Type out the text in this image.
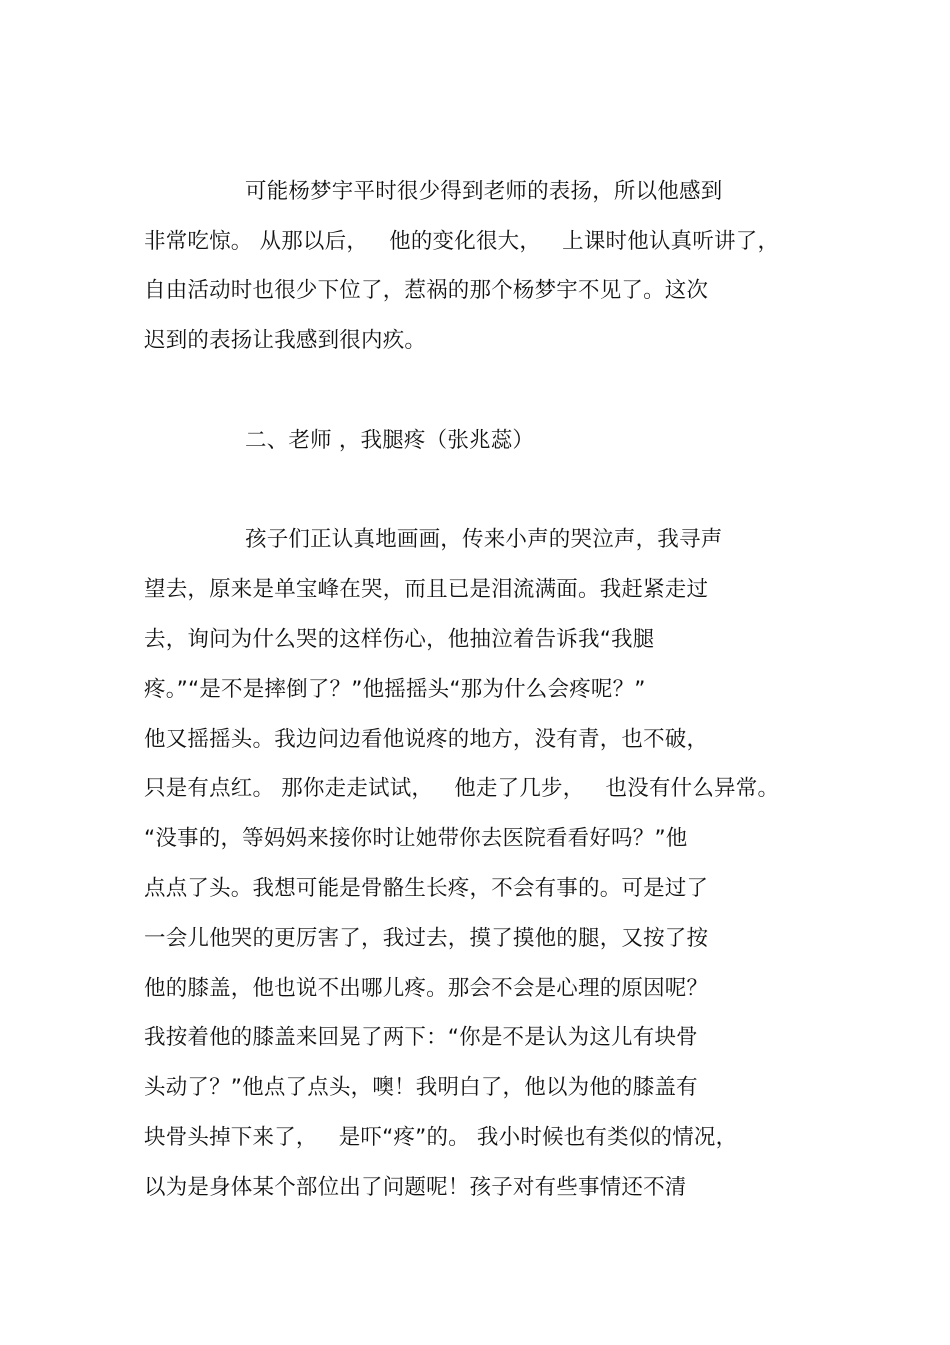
可能杨梦宇平时很少得到老师的表扬，所以他感到
非常吃惊。 从那以后，   他的变化很大，   上课时他认真听讲了，
自由活动时也很少下位了，惹祸的那个杨梦宇不见了。这次
迟到的表扬让我感到很内疚。
二、老师 ，我腿疼（张兆蕊）
孩子们正认真地画画，传来小声的哭泣声，我寻声
望去，原来是单宝峰在哭，而且已是泪流满面。我赶紧走过
去，询问为什么哭的这样伤心，他抽泣着告诉我“我腿
疼。”“是不是摔倒了？”他摇摇头“那为什么会疼呢？”
他又摇摇头。我边问边看他说疼的地方，没有青，也不破，
只是有点红。 那你走走试试，   他走了几步，   也没有什么异常。
“没事的，等妈妈来接你时让她带你去医院看看好吗？”他
点点了头。我想可能是骨骼生长疼，不会有事的。可是过了
一会儿他哭的更厉害了，我过去，摸了摸他的腿，又按了按
他的膝盖，他也说不出哪儿疼。那会不会是心理的原因呢？
我按着他的膝盖来回晃了两下：“你是不是认为这儿有块骨
头动了？”他点了点头，噢！我明白了，他以为他的膝盖有
块骨头掉下来了，   是吓“疼”的。 我小时候也有类似的情况，
以为是身体某个部位出了问题呢！孩子对有些事情还不清
